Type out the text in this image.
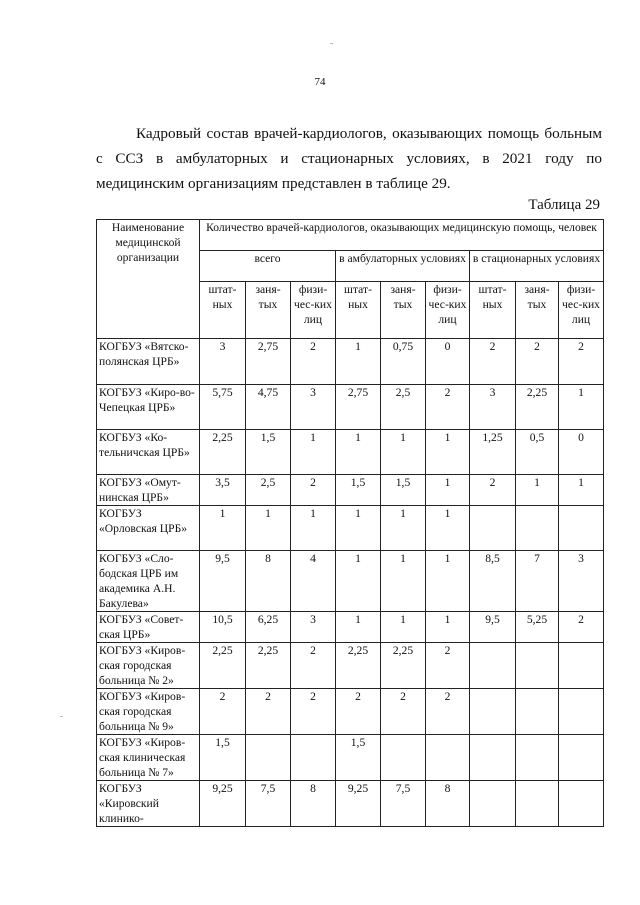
74

Кадровый состав врачей-кардиологов, оказывающих помощь больным с ССЗ в амбулаторных и стационарных условиях, в 2021 году по медицинским организациям представлен в таблице 29.

Таблица 29
Наименование медицинской организации	Количество врачей-кардиологов, оказывающих медицинскую помощь, человек								
	всего			в амбулаторных условиях			в стационарных условиях		
	штат-ных	заня-тых	физи-чес-ких лиц	штат-ных	заня-тых	физи-чес-ких лиц	штат-ных	заня-тых	физи-чес-ких лиц
КОГБУЗ «Вятско-полянская ЦРБ»	3	2,75	2	1	0,75	0	2	2	2
КОГБУЗ «Киро-во-Чепецкая ЦРБ»	5,75	4,75	3	2,75	2,5	2	3	2,25	1
КОГБУЗ «Ко-тельничская ЦРБ»	2,25	1,5	1	1	1	1	1,25	0,5	0
КОГБУЗ «Омут-нинская ЦРБ»	3,5	2,5	2	1,5	1,5	1	2	1	1
КОГБУЗ «Орловская ЦРБ»	1	1	1	1	1	1			
КОГБУЗ «Сло-бодская ЦРБ им академика А.Н. Бакулева»	9,5	8	4	1	1	1	8,5	7	3
КОГБУЗ «Совет-ская ЦРБ»	10,5	6,25	3	1	1	1	9,5	5,25	2
КОГБУЗ «Киров-ская городская больница № 2»	2,25	2,25	2	2,25	2,25	2			
КОГБУЗ «Киров-ская городская больница № 9»	2	2	2	2	2	2			
КОГБУЗ «Киров-ская клиническая больница № 7»	1,5			1,5					
КОГБУЗ «Кировский клинико-	9,25	7,5	8	9,25	7,5	8			
